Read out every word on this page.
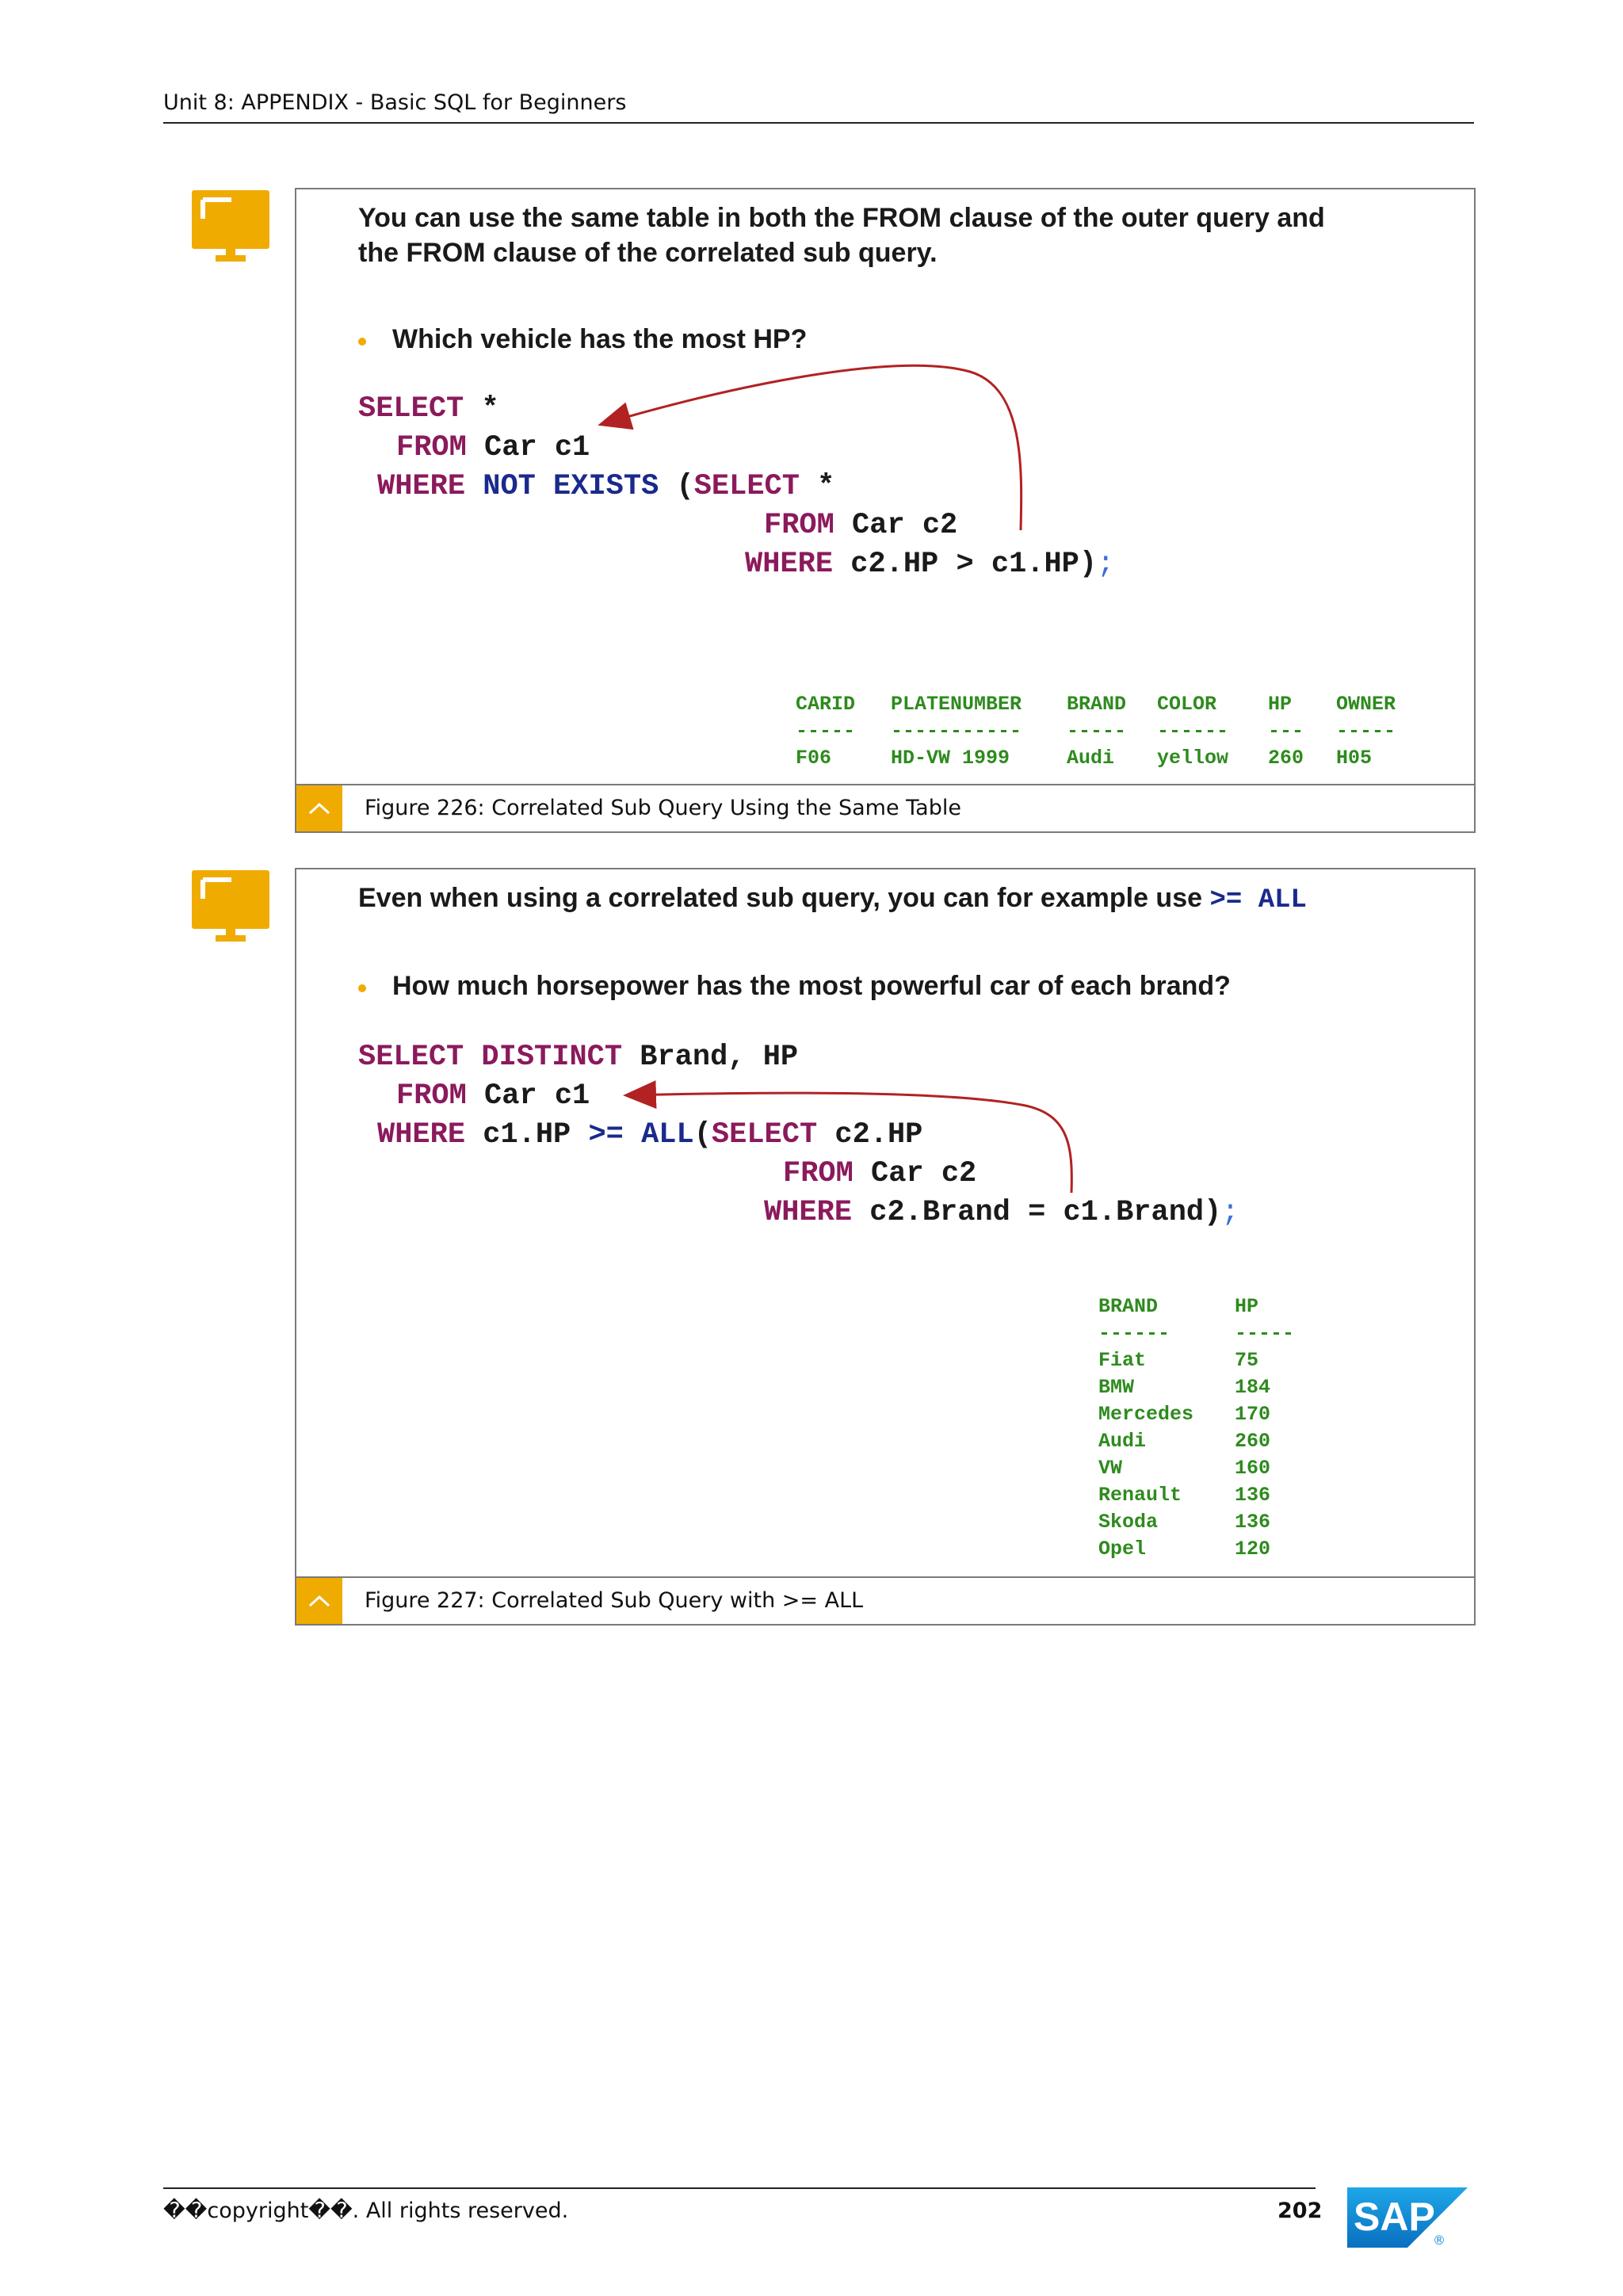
Unit 8: APPENDIX - Basic SQL for Beginners
You can use the same table in both the FROM clause of the outer query and
the FROM clause of the correlated sub query.
Which vehicle has the most HP?
SELECT *
FROM Car c1
WHERE NOT EXISTS (SELECT *
FROM Car c2
WHERE c2.HP > c1.HP);
CARID PLATENUMBER BRAND COLOR	HP OWNER
----- ----------- ----- ------ --- -----
F06	HD-VW 1999	Audi yellow 260 H05
Figure 226: Correlated Sub Query Using the Same Table
Even when using a correlated sub query, you can for example use >= ALL
How much horsepower has the most powerful car of each brand?
SELECT DISTINCT Brand, HP
FROM Car c1
WHERE c1.HP >= ALL(SELECT c2.HP
FROM Car c2
WHERE c2.Brand = c1.Brand);
BRAND	HP
------	-----
Fiat	75
BMW	184
Mercedes 170
Audi	260
VW	160
Renault	136
Skoda	136
Opel	120
Figure 227: Correlated Sub Query with >= ALL
��copyright��. All rights reserved.	202 SAP
®
